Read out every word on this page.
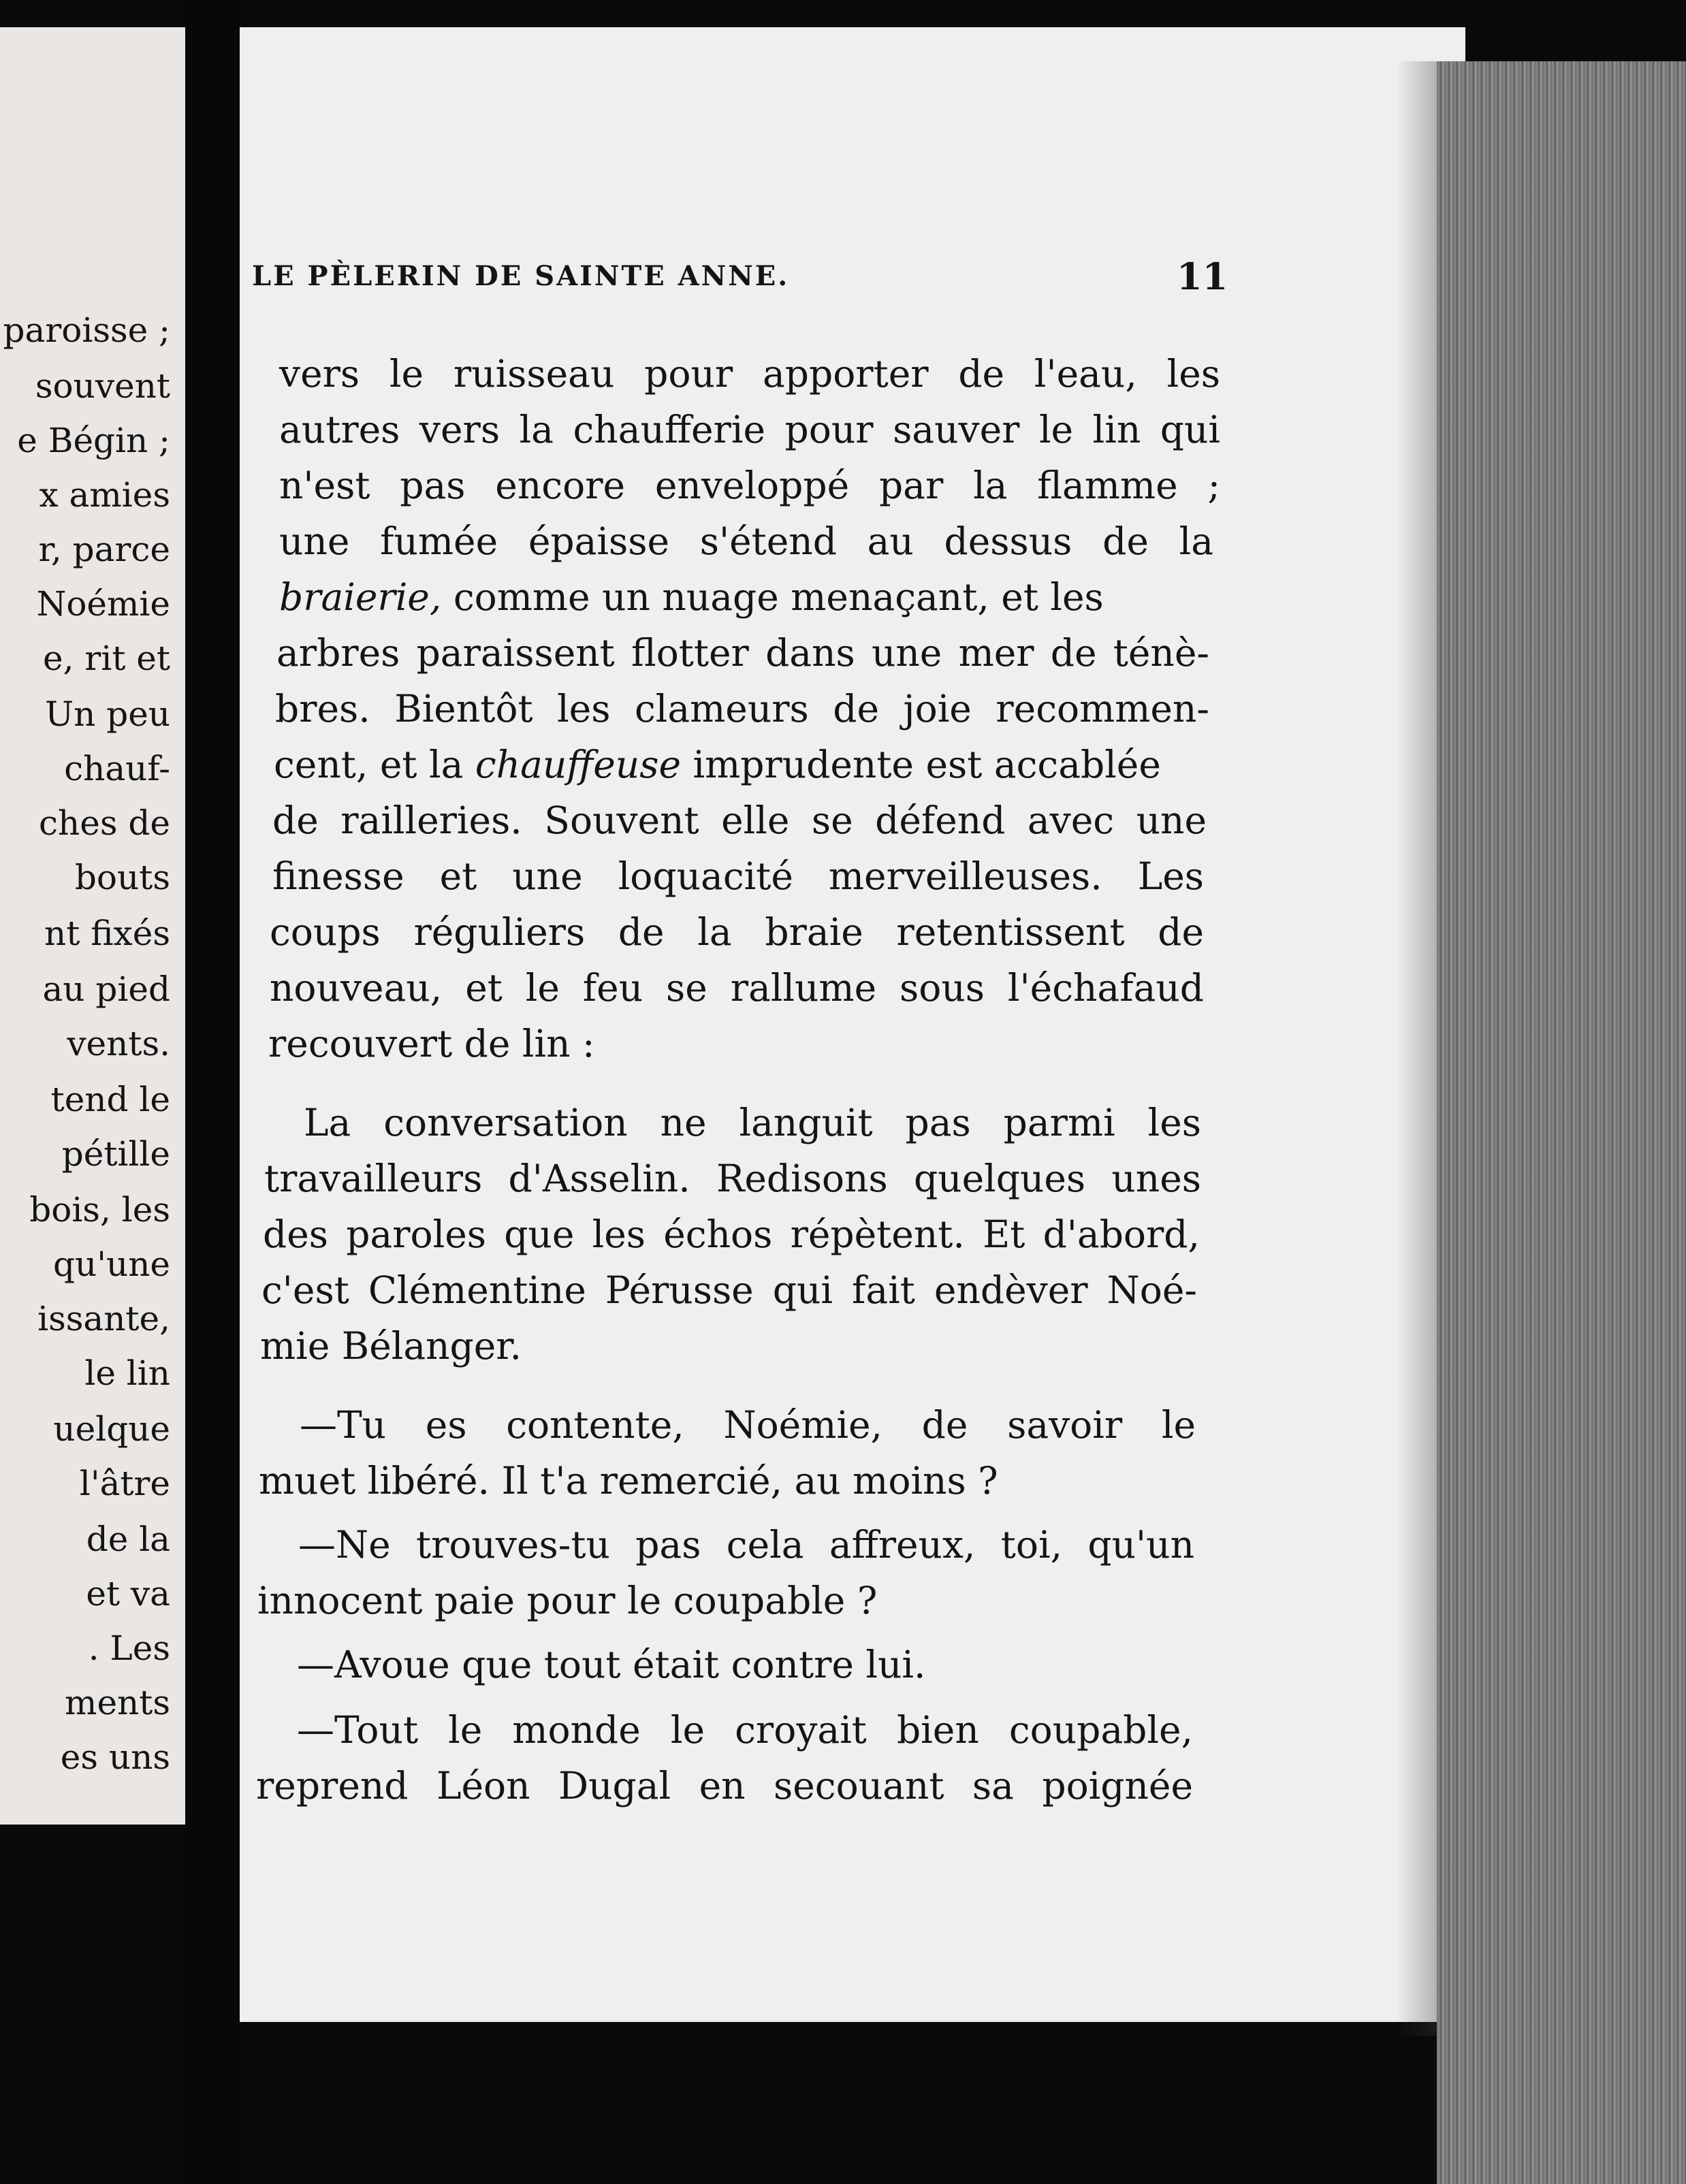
paroisse ;
souvent
e Bégin ;
x amies
r, parce
Noémie
e, rit et
Un peu
chauf-
ches de
bouts
nt fixés
au pied
vents.
tend le
pétille
bois, les
qu'une
issante,
le lin
uelque
l'âtre
de la
et va
. Les
ments
es uns
LE PÈLERIN DE SAINTE ANNE.	11
vers le ruisseau pour apporter de l'eau, les
autres vers la chaufferie pour sauver le lin qui
n'est pas encore enveloppé par la flamme ;
une fumée épaisse s'étend au dessus de la
braierie, comme un nuage menaçant, et les
arbres paraissent flotter dans une mer de ténè-
bres. Bientôt les clameurs de joie recommen-
cent, et la chauffeuse imprudente est accablée
de railleries. Souvent elle se défend avec une
finesse et une loquacité merveilleuses. Les
coups réguliers de la braie retentissent de
nouveau, et le feu se rallume sous l'échafaud
recouvert de lin :
La conversation ne languit pas parmi les
travailleurs d'Asselin. Redisons quelques unes
des paroles que les échos répètent. Et d'abord,
c'est Clémentine Pérusse qui fait endèver Noé-
mie Bélanger.
—Tu es contente, Noémie, de savoir le
muet libéré. Il t'a remercié, au moins ?
—Ne trouves-tu pas cela affreux, toi, qu'un
innocent paie pour le coupable ?
—Avoue que tout était contre lui.
—Tout le monde le croyait bien coupable,
reprend Léon Dugal en secouant sa poignée
